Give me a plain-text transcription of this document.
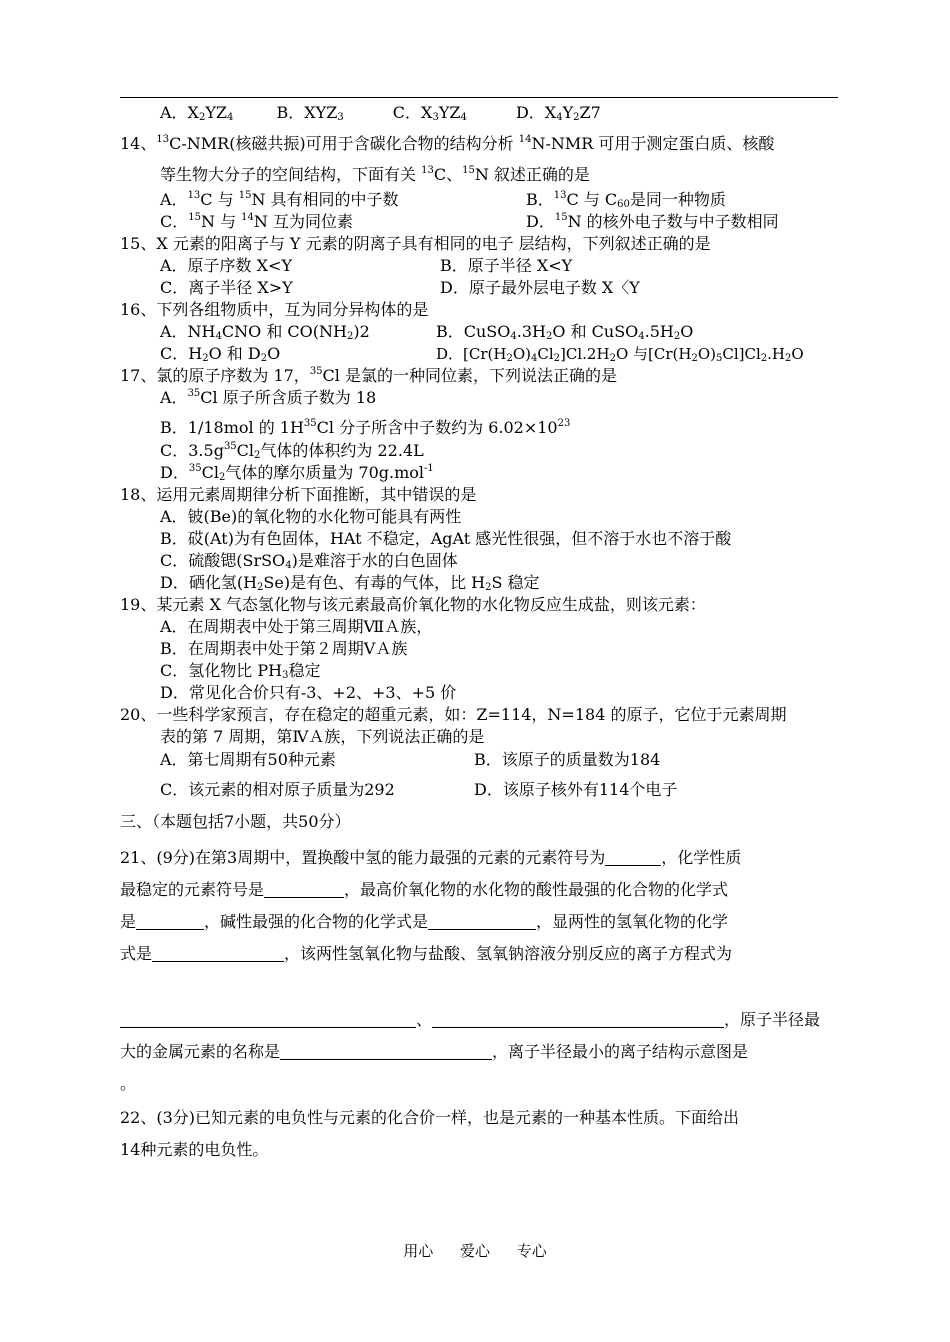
A．$X_2YZ_4$	B．$XYZ_3$	C．$X_3YZ_4$	D．$X_4Y_2Z7$
14、$^{13}$C-NMR(核磁共振)可用于含碳化合物的结构分析 $^{14}$N-NMR 可用于测定蛋白质、核酸
等生物大分子的空间结构，下面有关 $^{13}$C、$^{15}$N 叙述正确的是
A．$^{13}$C 与 $^{15}$N 具有相同的中子数	B．$^{13}$C 与 $C_{60}$是同一种物质
C．$^{15}$N 与 $^{14}$N 互为同位素	D．$^{15}$N 的核外电子数与中子数相同
15、X 元素的阳离子与 Y 元素的阴离子具有相同的电子 层结构，下列叙述正确的是
A．原子序数 X<Y	B．原子半径 X<Y
C．离子半径 X>Y	D．原子最外层电子数 X〈Y
16、下列各组物质中，互为同分异构体的是
A．$NH_4CNO$ 和 $CO(NH_2)2$	B．$CuSO_4.3H_2O$ 和 $CuSO_4.5H_2O$
C．$H_2O$ 和 $D_2O$	D．$[Cr(H_2O)_4Cl_2]Cl.2H_2O$ 与$[Cr(H_2O)_5Cl]Cl_2.H_2O$
17、氯的原子序数为 17，$^{35}$Cl 是氯的一种同位素，下列说法正确的是
A．$^{35}$Cl 原子所含质子数为 18
B．1/18mol 的 $1H^{35}Cl$ 分子所含中子数约为 $6.02\times 10^{23}$
C．$3.5g^{35}Cl_2$气体的体积约为 22.4L
D．$^{35}Cl_2$气体的摩尔质量为 70g.mol$^{-1}$
18、运用元素周期律分析下面推断，其中错误的是
A．铍(Be)的氧化物的水化物可能具有两性
B．砹(At)为有色固体，HAt 不稳定，AgAt 感光性很强，但不溶于水也不溶于酸
C．硫酸锶(SrSO$_4$)是难溶于水的白色固体
D．硒化氢$(H_2Se)$是有色、有毒的气体，比 $H_2S$ 稳定
19、某元素 X 气态氢化物与该元素最高价氧化物的水化物反应生成盐，则该元素：
A．在周期表中处于第三周期ⅦＡ族，
B．在周期表中处于第２周期ⅤＡ族
C．氢化物比 $PH_3$稳定
D．常见化合价只有-3、+2、+3、+5 价
20、一些科学家预言，存在稳定的超重元素，如：Z=114，N=184 的原子，它位于元素周期
表的第 7 周期，第ⅣＡ族，下列说法正确的是
A．第七周期有50种元素	B．该原子的质量数为184
C．该元素的相对原子质量为292	D．该原子核外有114个电子
三、（本题包括7小题，共50分）
21、(9分)在第3周期中，置换酸中氢的能力最强的元素的元素符号为	，化学性质
最稳定的元素符号是	，最高价氧化物的水化物的酸性最强的化合物的化学式
是	，碱性最强的化合物的化学式是	，显两性的氢氧化物的化学
式是	，该两性氢氧化物与盐酸、氢氧钠溶液分别反应的离子方程式为
、	，原子半径最
大的金属元素的名称是	，离子半径最小的离子结构示意图是
。
22、(3分)已知元素的电负性与元素的化合价一样，也是元素的一种基本性质。下面给出
14种元素的电负性。
用心 爱心 专心
